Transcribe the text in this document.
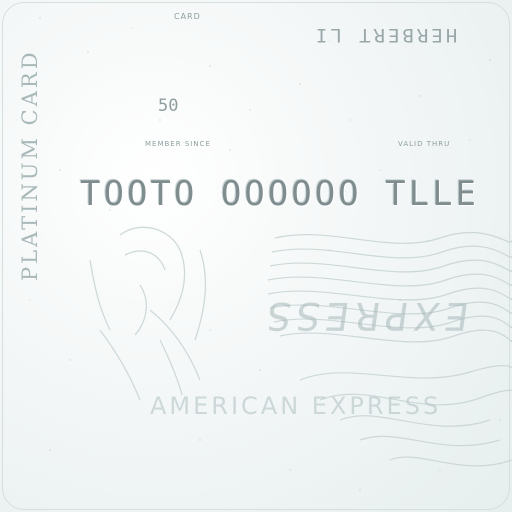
PLATINUM CARD
CARD
HERBERT LI
50
MEMBER SINCE	VALID THRU
TOOTO OOOOOO TLLE
EXPRESS
AMERICAN EXPRESS
